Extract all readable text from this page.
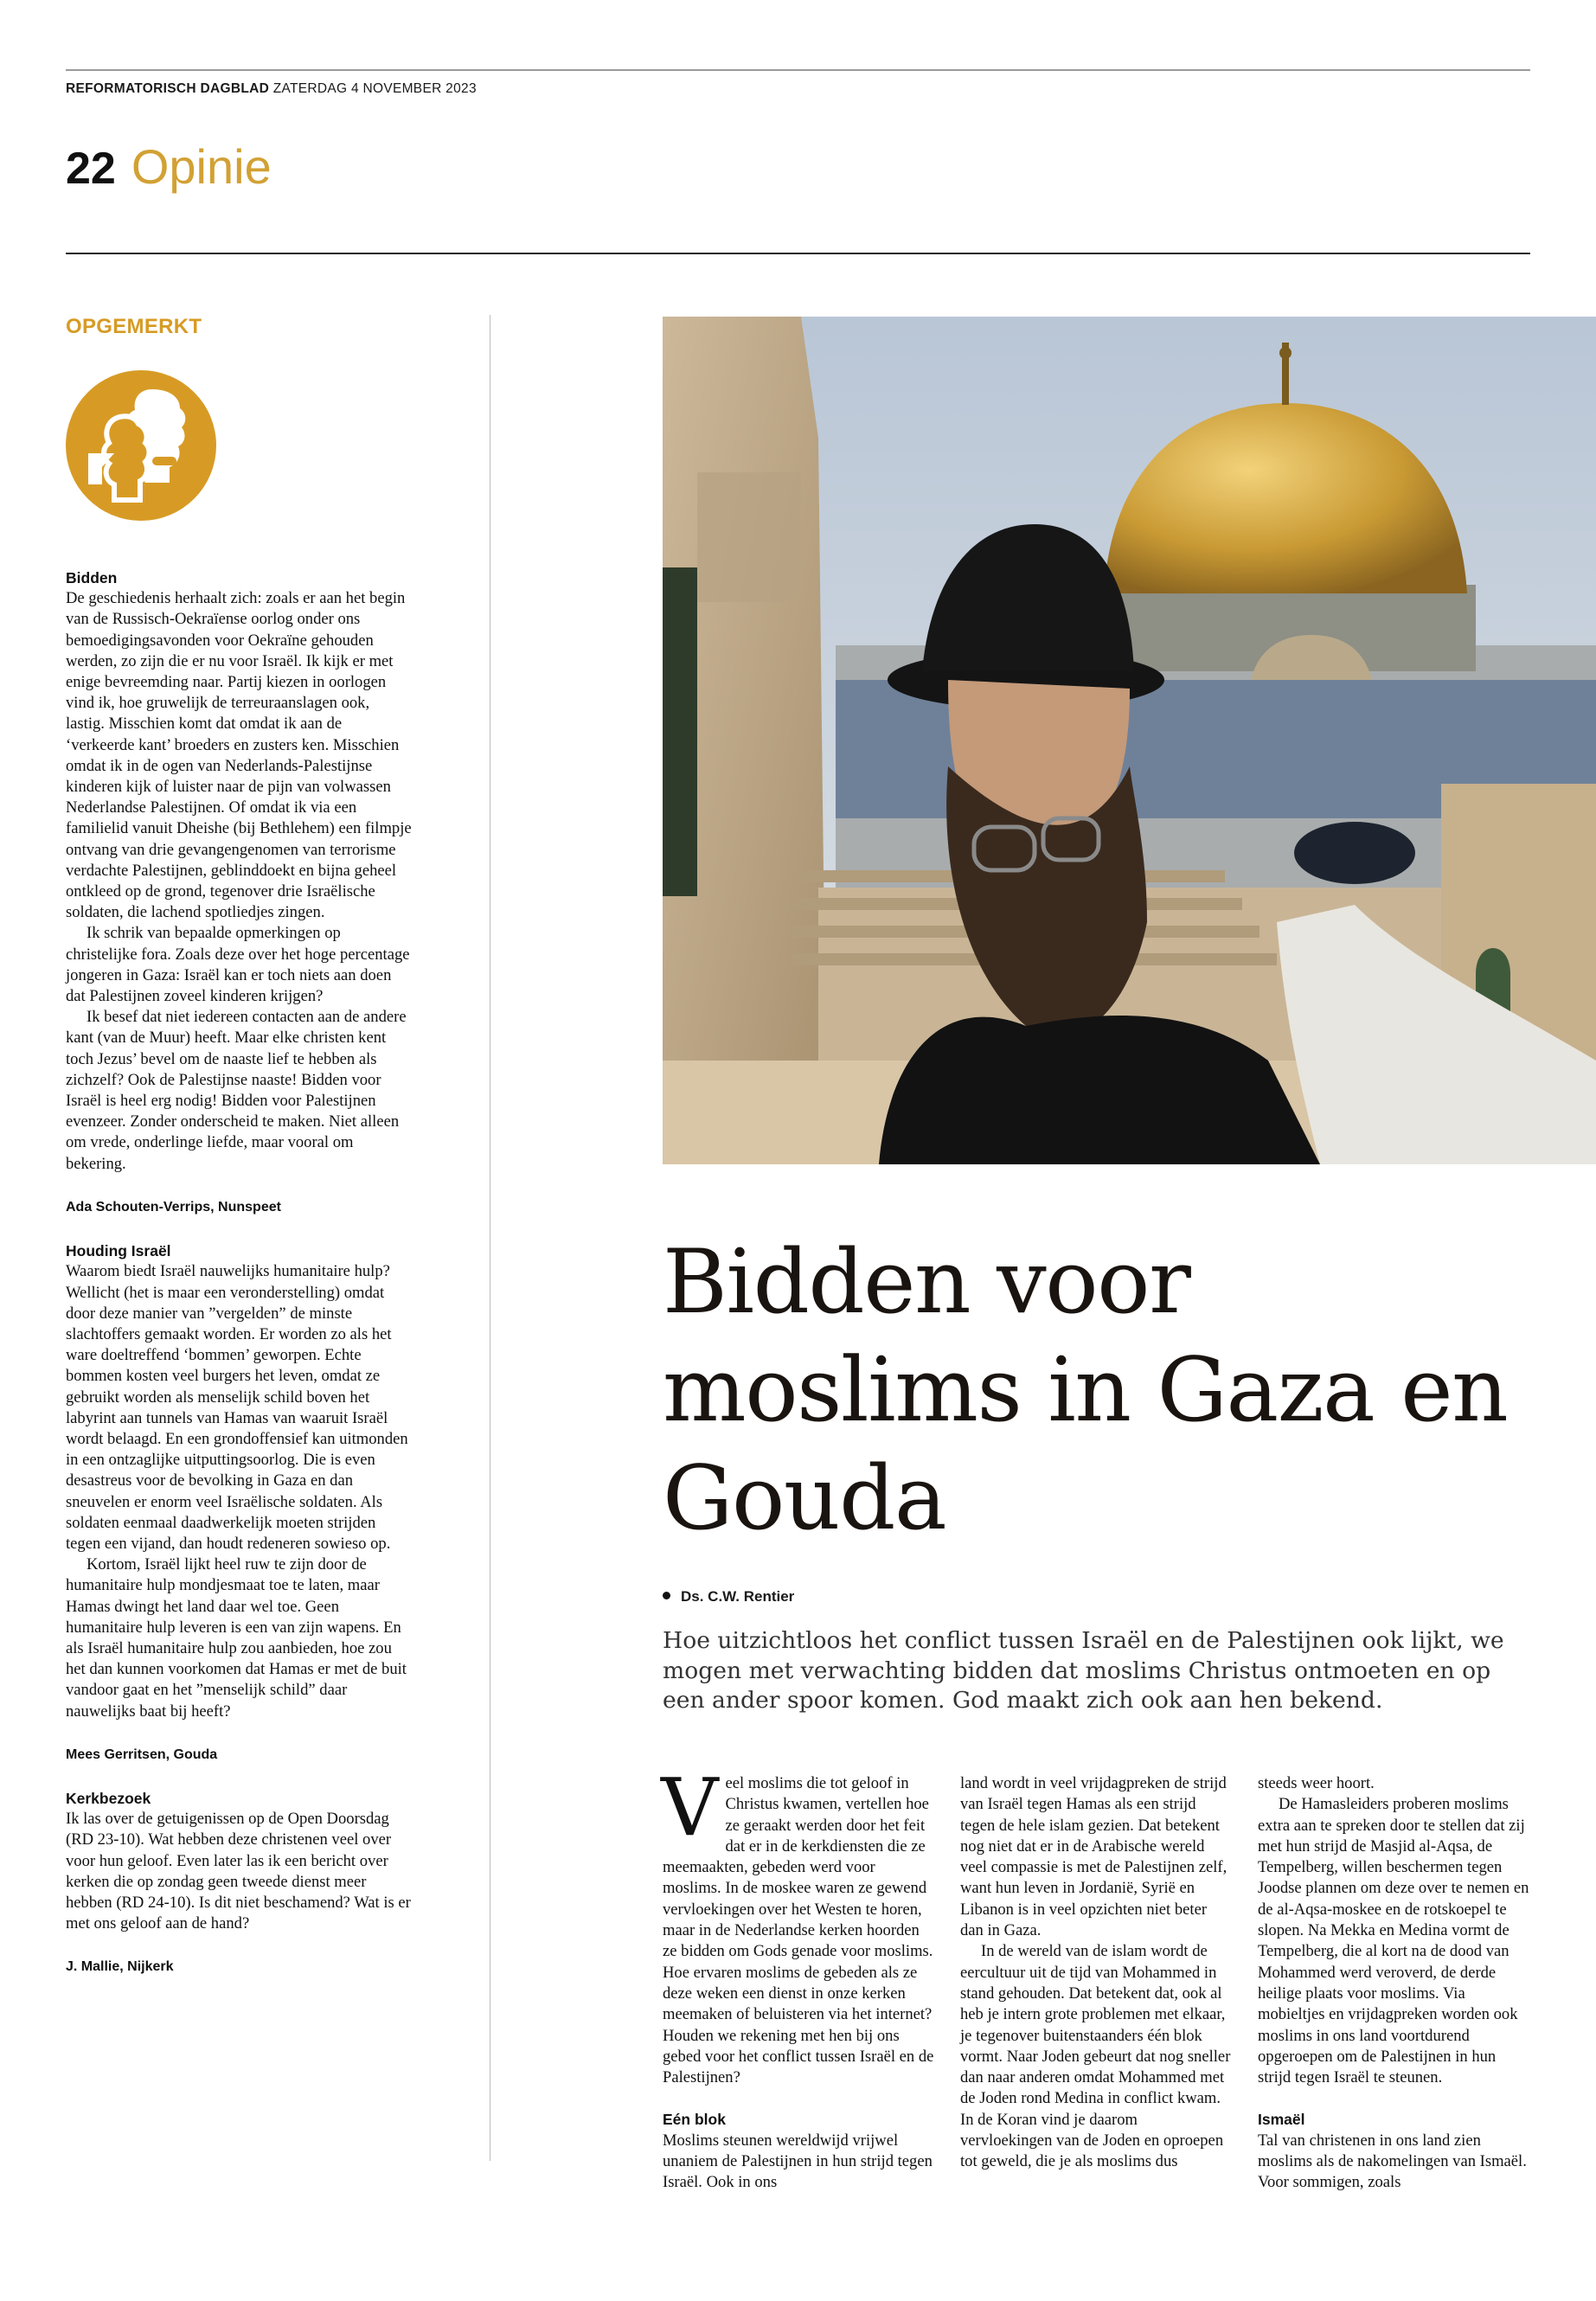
REFORMATORISCH DAGBLAD ZATERDAG 4 NOVEMBER 2023
22 Opinie
OPGEMERKT
Bidden

De geschiedenis herhaalt zich: zoals er aan het begin van de Russisch-Oekraïense oorlog onder ons bemoedigingsavonden voor Oekraïne gehouden werden, zo zijn die er nu voor Israël. Ik kijk er met enige bevreemding naar. Partij kiezen in oorlogen vind ik, hoe gruwelijk de terreuraanslagen ook, lastig. Misschien komt dat omdat ik aan de ‘verkeerde kant’ broeders en zusters ken. Misschien omdat ik in de ogen van Nederlands-Palestijnse kinderen kijk of luister naar de pijn van volwassen Nederlandse Palestijnen. Of omdat ik via een familielid vanuit Dheishe (bij Bethlehem) een filmpje ontvang van drie gevangengenomen van terrorisme verdachte Palestijnen, geblinddoekt en bijna geheel ontkleed op de grond, tegenover drie Israëlische soldaten, die lachend spotliedjes zingen.

Ik schrik van bepaalde opmerkingen op christelijke fora. Zoals deze over het hoge percentage jongeren in Gaza: Israël kan er toch niets aan doen dat Palestijnen zoveel kinderen krijgen?

Ik besef dat niet iedereen contacten aan de andere kant (van de Muur) heeft. Maar elke christen kent toch Jezus’ bevel om de naaste lief te hebben als zichzelf? Ook de Palestijnse naaste! Bidden voor Israël is heel erg nodig! Bidden voor Palestijnen evenzeer. Zonder onderscheid te maken. Niet alleen om vrede, onderlinge liefde, maar vooral om bekering.

Ada Schouten-Verrips, Nunspeet

Houding Israël

Waarom biedt Israël nauwelijks humanitaire hulp? Wellicht (het is maar een veronderstelling) omdat door deze manier van ”vergelden” de minste slachtoffers gemaakt worden. Er worden zo als het ware doeltreffend ‘bommen’ geworpen. Echte bommen kosten veel burgers het leven, omdat ze gebruikt worden als menselijk schild boven het labyrint aan tunnels van Hamas van waaruit Israël wordt belaagd. En een grondoffensief kan uitmonden in een ontzaglijke uitputtingsoorlog. Die is even desastreus voor de bevolking in Gaza en dan sneuvelen er enorm veel Israëlische soldaten. Als soldaten eenmaal daadwerkelijk moeten strijden tegen een vijand, dan houdt redeneren sowieso op.

Kortom, Israël lijkt heel ruw te zijn door de humanitaire hulp mondjesmaat toe te laten, maar Hamas dwingt het land daar wel toe. Geen humanitaire hulp leveren is een van zijn wapens. En als Israël humanitaire hulp zou aanbieden, hoe zou het dan kunnen voorkomen dat Hamas er met de buit vandoor gaat en het ”menselijk schild” daar nauwelijks baat bij heeft?

Mees Gerritsen, Gouda

Kerkbezoek

Ik las over de getuigenissen op de Open Doorsdag (RD 23-10). Wat hebben deze christenen veel over voor hun geloof. Even later las ik een bericht over kerken die op zondag geen tweede dienst meer hebben (RD 24-10). Is dit niet beschamend? Wat is er met ons geloof aan de hand?

J. Mallie, Nijkerk

Bidden voor moslims in Gaza en Gouda
Ds. C.W. Rentier
Hoe uitzichtloos het conflict tussen Israël en de Palestijnen ook lijkt, we mogen met verwachting bidden dat moslims Christus ontmoeten en op een ander spoor komen. God maakt zich ook aan hen bekend.

Veel moslims die tot geloof in Christus kwamen, vertellen hoe ze geraakt werden door het feit dat er in de kerkdiensten die ze meemaakten, gebeden werd voor moslims. In de moskee waren ze gewend vervloekingen over het Westen te horen, maar in de Nederlandse kerken hoorden ze bidden om Gods genade voor moslims. Hoe ervaren moslims de gebeden als ze deze weken een dienst in onze kerken meemaken of beluisteren via het internet? Houden we rekening met hen bij ons gebed voor het conflict tussen Israël en de Palestijnen?

Eén blok

Moslims steunen wereldwijd vrijwel unaniem de Palestijnen in hun strijd tegen Israël. Ook in ons

land wordt in veel vrijdagpreken de strijd van Israël tegen Hamas als een strijd tegen de hele islam gezien. Dat betekent nog niet dat er in de Arabische wereld veel compassie is met de Palestijnen zelf, want hun leven in Jordanië, Syrië en Libanon is in veel opzichten niet beter dan in Gaza.

In de wereld van de islam wordt de eercultuur uit de tijd van Mohammed in stand gehouden. Dat betekent dat, ook al heb je intern grote problemen met elkaar, je tegenover buitenstaanders één blok vormt. Naar Joden gebeurt dat nog sneller dan naar anderen omdat Mohammed met de Joden rond Medina in conflict kwam. In de Koran vind je daarom vervloekingen van de Joden en oproepen tot geweld, die je als moslims dus

steeds weer hoort.

De Hamasleiders proberen moslims extra aan te spreken door te stellen dat zij met hun strijd de Masjid al-Aqsa, de Tempelberg, willen beschermen tegen Joodse plannen om deze over te nemen en de al-Aqsa-moskee en de rotskoepel te slopen. Na Mekka en Medina vormt de Tempelberg, die al kort na de dood van Mohammed werd veroverd, de derde heilige plaats voor moslims. Via mobieltjes en vrijdagpreken worden ook moslims in ons land voortdurend opgeroepen om de Palestijnen in hun strijd tegen Israël te steunen.

Ismaël

Tal van christenen in ons land zien moslims als de nakomelingen van Ismaël. Voor sommigen, zoals
